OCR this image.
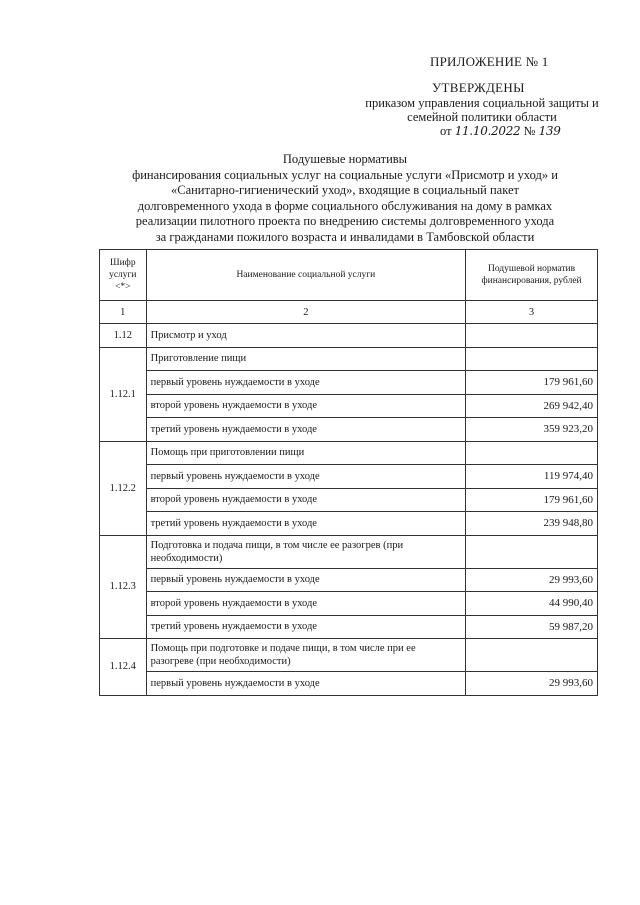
ПРИЛОЖЕНИЕ № 1
УТВЕРЖДЕНЫ
приказом управления социальной защиты и семейной политики области
от 11.10.2022 № 139
Подушевые нормативы
финансирования социальных услуг на социальные услуги «Присмотр и уход» и
«Санитарно-гигиенический уход», входящие в социальный пакет
долговременного ухода в форме социального обслуживания на дому в рамках
реализации пилотного проекта по внедрению системы долговременного ухода
за гражданами пожилого возраста и инвалидами в Тамбовской области
Шифр услуги <*>	Наименование социальной услуги	Подушевой норматив финансирования, рублей
1	2	3
1.12	Присмотр и уход	
1.12.1	Приготовление пищи	
	первый уровень нуждаемости в уходе	179 961,60
	второй уровень нуждаемости в уходе	269 942,40
	третий уровень нуждаемости в уходе	359 923,20
1.12.2	Помощь при приготовлении пищи	
	первый уровень нуждаемости в уходе	119 974,40
	второй уровень нуждаемости в уходе	179 961,60
	третий уровень нуждаемости в уходе	239 948,80
1.12.3	Подготовка и подача пищи, в том числе ее разогрев (при необходимости)	
	первый уровень нуждаемости в уходе	29 993,60
	второй уровень нуждаемости в уходе	44 990,40
	третий уровень нуждаемости в уходе	59 987,20
1.12.4	Помощь при подготовке и подаче пищи, в том числе при ее разогреве (при необходимости)	
	первый уровень нуждаемости в уходе	29 993,60
